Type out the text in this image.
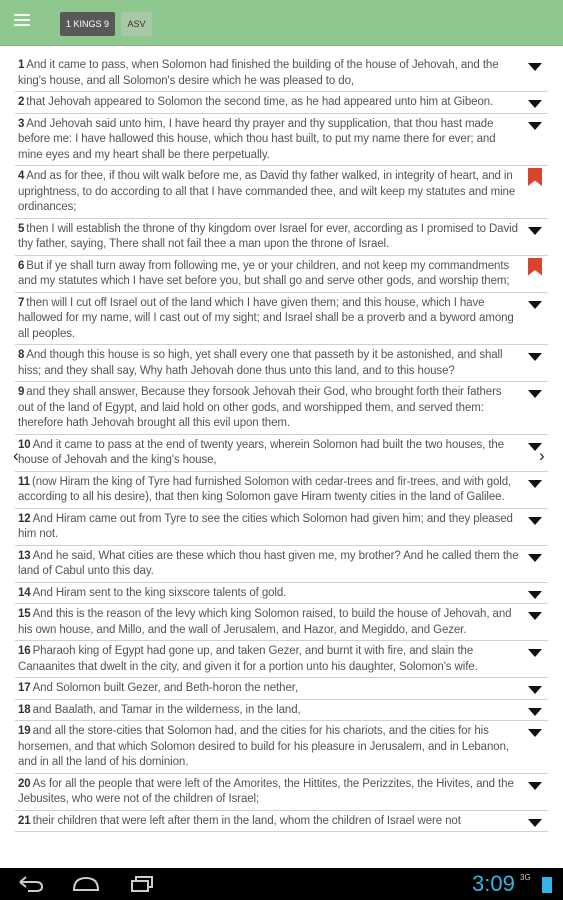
1 KINGS 9	ASV
1 And it came to pass, when Solomon had finished the building of the house of Jehovah, and the king's house, and all Solomon's desire which he was pleased to do,
2 that Jehovah appeared to Solomon the second time, as he had appeared unto him at Gibeon.
3 And Jehovah said unto him, I have heard thy prayer and thy supplication, that thou hast made before me: I have hallowed this house, which thou hast built, to put my name there for ever; and mine eyes and my heart shall be there perpetually.
4 And as for thee, if thou wilt walk before me, as David thy father walked, in integrity of heart, and in uprightness, to do according to all that I have commanded thee, and wilt keep my statutes and mine ordinances;
5 then I will establish the throne of thy kingdom over Israel for ever, according as I promised to David thy father, saying, There shall not fail thee a man upon the throne of Israel.
6 But if ye shall turn away from following me, ye or your children, and not keep my commandments and my statutes which I have set before you, but shall go and serve other gods, and worship them;
7 then will I cut off Israel out of the land which I have given them; and this house, which I have hallowed for my name, will I cast out of my sight; and Israel shall be a proverb and a byword among all peoples.
8 And though this house is so high, yet shall every one that passeth by it be astonished, and shall hiss; and they shall say, Why hath Jehovah done thus unto this land, and to this house?
9 and they shall answer, Because they forsook Jehovah their God, who brought forth their fathers out of the land of Egypt, and laid hold on other gods, and worshipped them, and served them: therefore hath Jehovah brought all this evil upon them.
10 And it came to pass at the end of twenty years, wherein Solomon had built the two houses, the house of Jehovah and the king's house,
11 (now Hiram the king of Tyre had furnished Solomon with cedar-trees and fir-trees, and with gold, according to all his desire), that then king Solomon gave Hiram twenty cities in the land of Galilee.
12 And Hiram came out from Tyre to see the cities which Solomon had given him; and they pleased him not.
13 And he said, What cities are these which thou hast given me, my brother? And he called them the land of Cabul unto this day.
14 And Hiram sent to the king sixscore talents of gold.
15 And this is the reason of the levy which king Solomon raised, to build the house of Jehovah, and his own house, and Millo, and the wall of Jerusalem, and Hazor, and Megiddo, and Gezer.
16 Pharaoh king of Egypt had gone up, and taken Gezer, and burnt it with fire, and slain the Canaanites that dwelt in the city, and given it for a portion unto his daughter, Solomon's wife.
17 And Solomon built Gezer, and Beth-horon the nether,
18 and Baalath, and Tamar in the wilderness, in the land,
19 and all the store-cities that Solomon had, and the cities for his chariots, and the cities for his horsemen, and that which Solomon desired to build for his pleasure in Jerusalem, and in Lebanon, and in all the land of his dominion.
20 As for all the people that were left of the Amorites, the Hittites, the Perizzites, the Hivites, and the Jebusites, who were not of the children of Israel;
21 their children that were left after them in the land, whom the children of Israel were not
‹	›
3:09 3G
